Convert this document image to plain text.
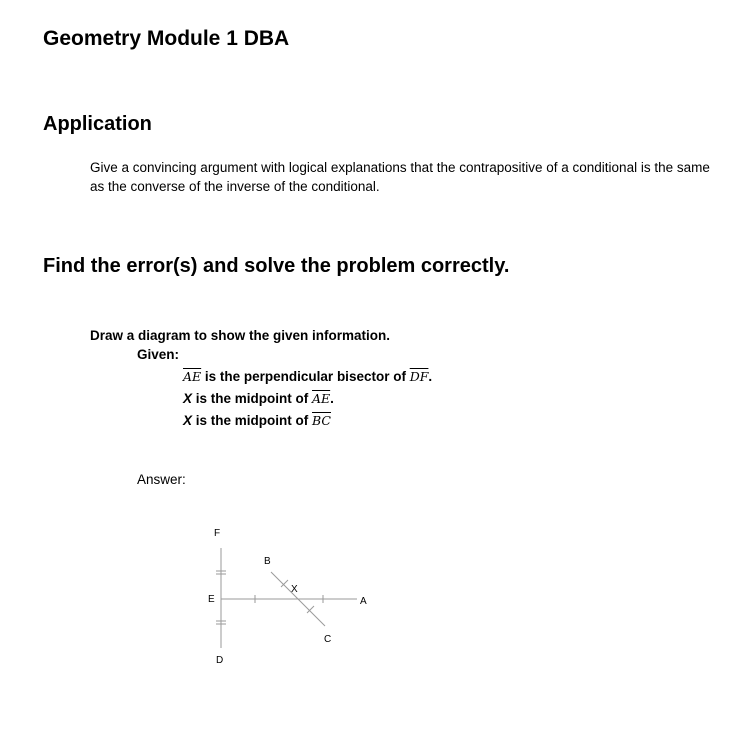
Geometry Module 1 DBA
Application
Give a convincing argument with logical explanations that the contrapositive of a conditional is the same as the converse of the inverse of the conditional.
Find the error(s) and solve the problem correctly.
Draw a diagram to show the given information.
Given:
$\overline{AE}$ is the perpendicular bisector of $\overline{DF}$.
X is the midpoint of $\overline{AE}$.
X is the midpoint of $\overline{BC}$
Answer:
F
B
X
E	A
C
D
